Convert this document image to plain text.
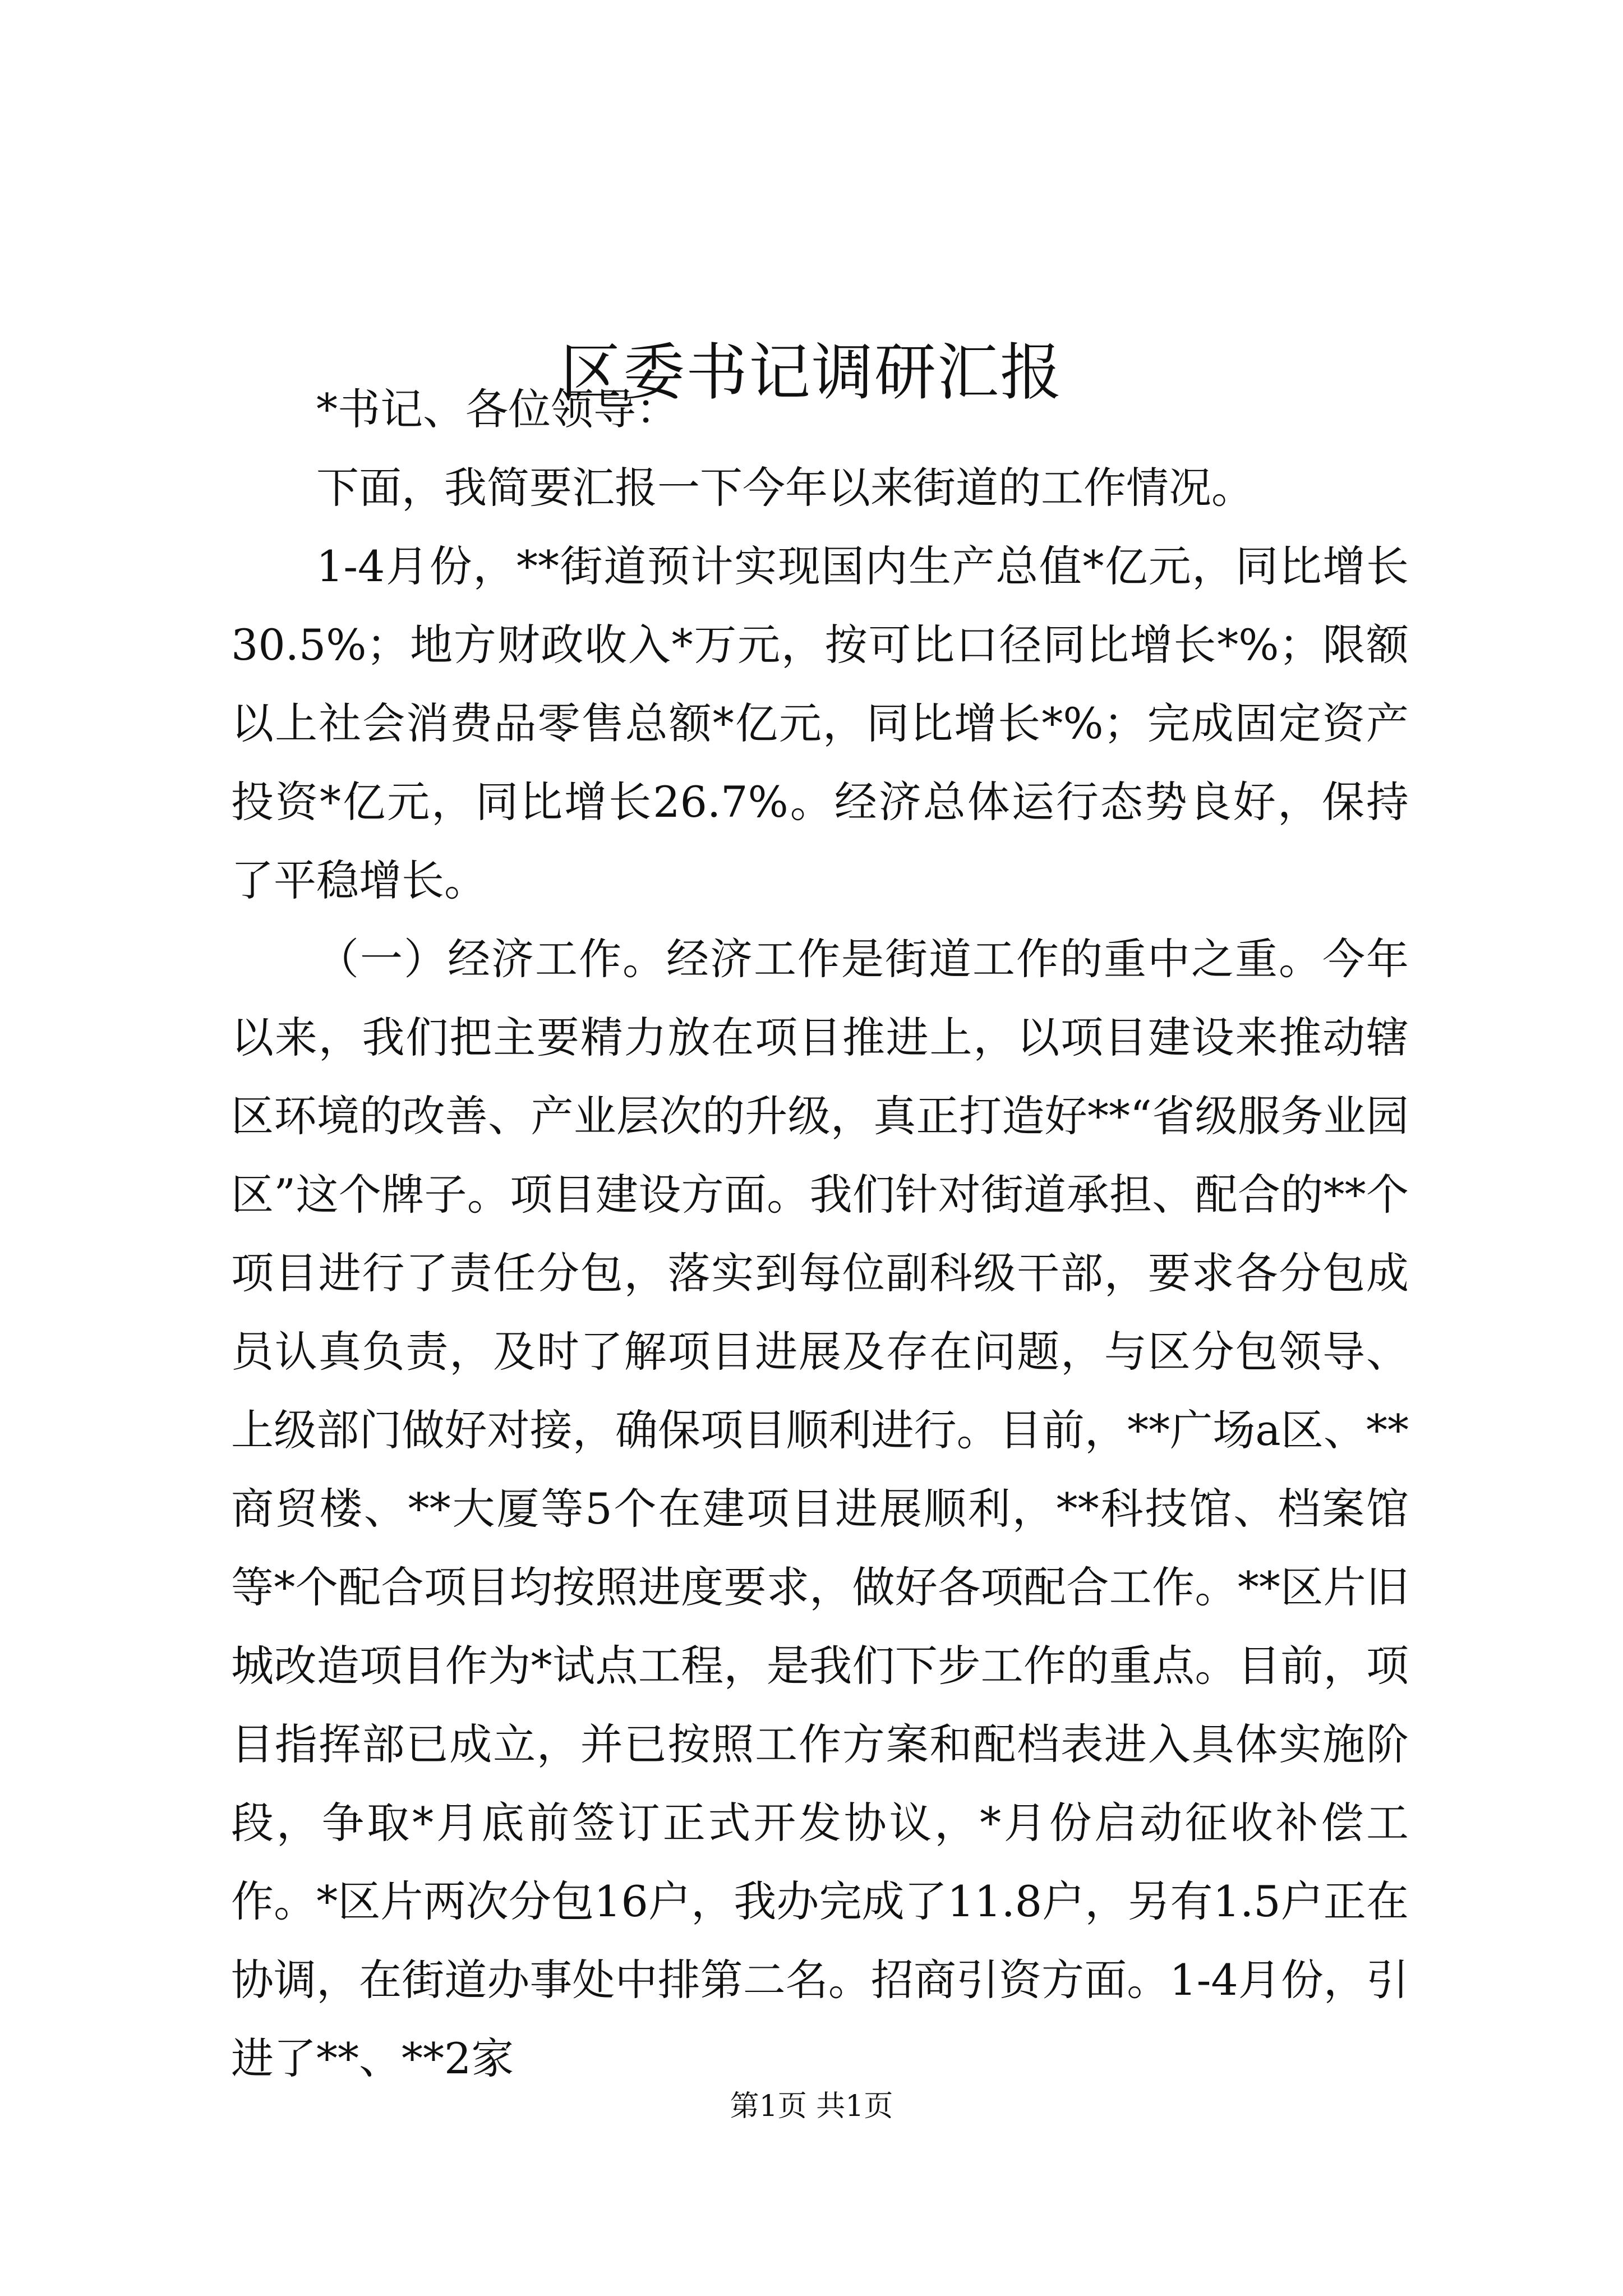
区委书记调研汇报

*书记、各位领导：

下面，我简要汇报一下今年以来街道的工作情况。

1-4月份，**街道预计实现国内生产总值*亿元，同比增长30.5%；地方财政收入*万元，按可比口径同比增长*%；限额以上社会消费品零售总额*亿元，同比增长*%；完成固定资产投资*亿元，同比增长26.7%。经济总体运行态势良好，保持了平稳增长。

（一）经济工作。经济工作是街道工作的重中之重。今年以来，我们把主要精力放在项目推进上，以项目建设来推动辖区环境的改善、产业层次的升级，真正打造好**“省级服务业园区”这个牌子。项目建设方面。我们针对街道承担、配合的**个项目进行了责任分包，落实到每位副科级干部，要求各分包成员认真负责，及时了解项目进展及存在问题，与区分包领导、上级部门做好对接，确保项目顺利进行。目前，**广场a区、**商贸楼、**大厦等5个在建项目进展顺利，**科技馆、档案馆等*个配合项目均按照进度要求，做好各项配合工作。**区片旧城改造项目作为*试点工程，是我们下步工作的重点。目前，项目指挥部已成立，并已按照工作方案和配档表进入具体实施阶段，争取*月底前签订正式开发协议，*月份启动征收补偿工作。*区片两次分包16户，我办完成了11.8户，另有1.5户正在协调，在街道办事处中排第二名。招商引资方面。1-4月份，引进了**、**2家

第1页 共1页
